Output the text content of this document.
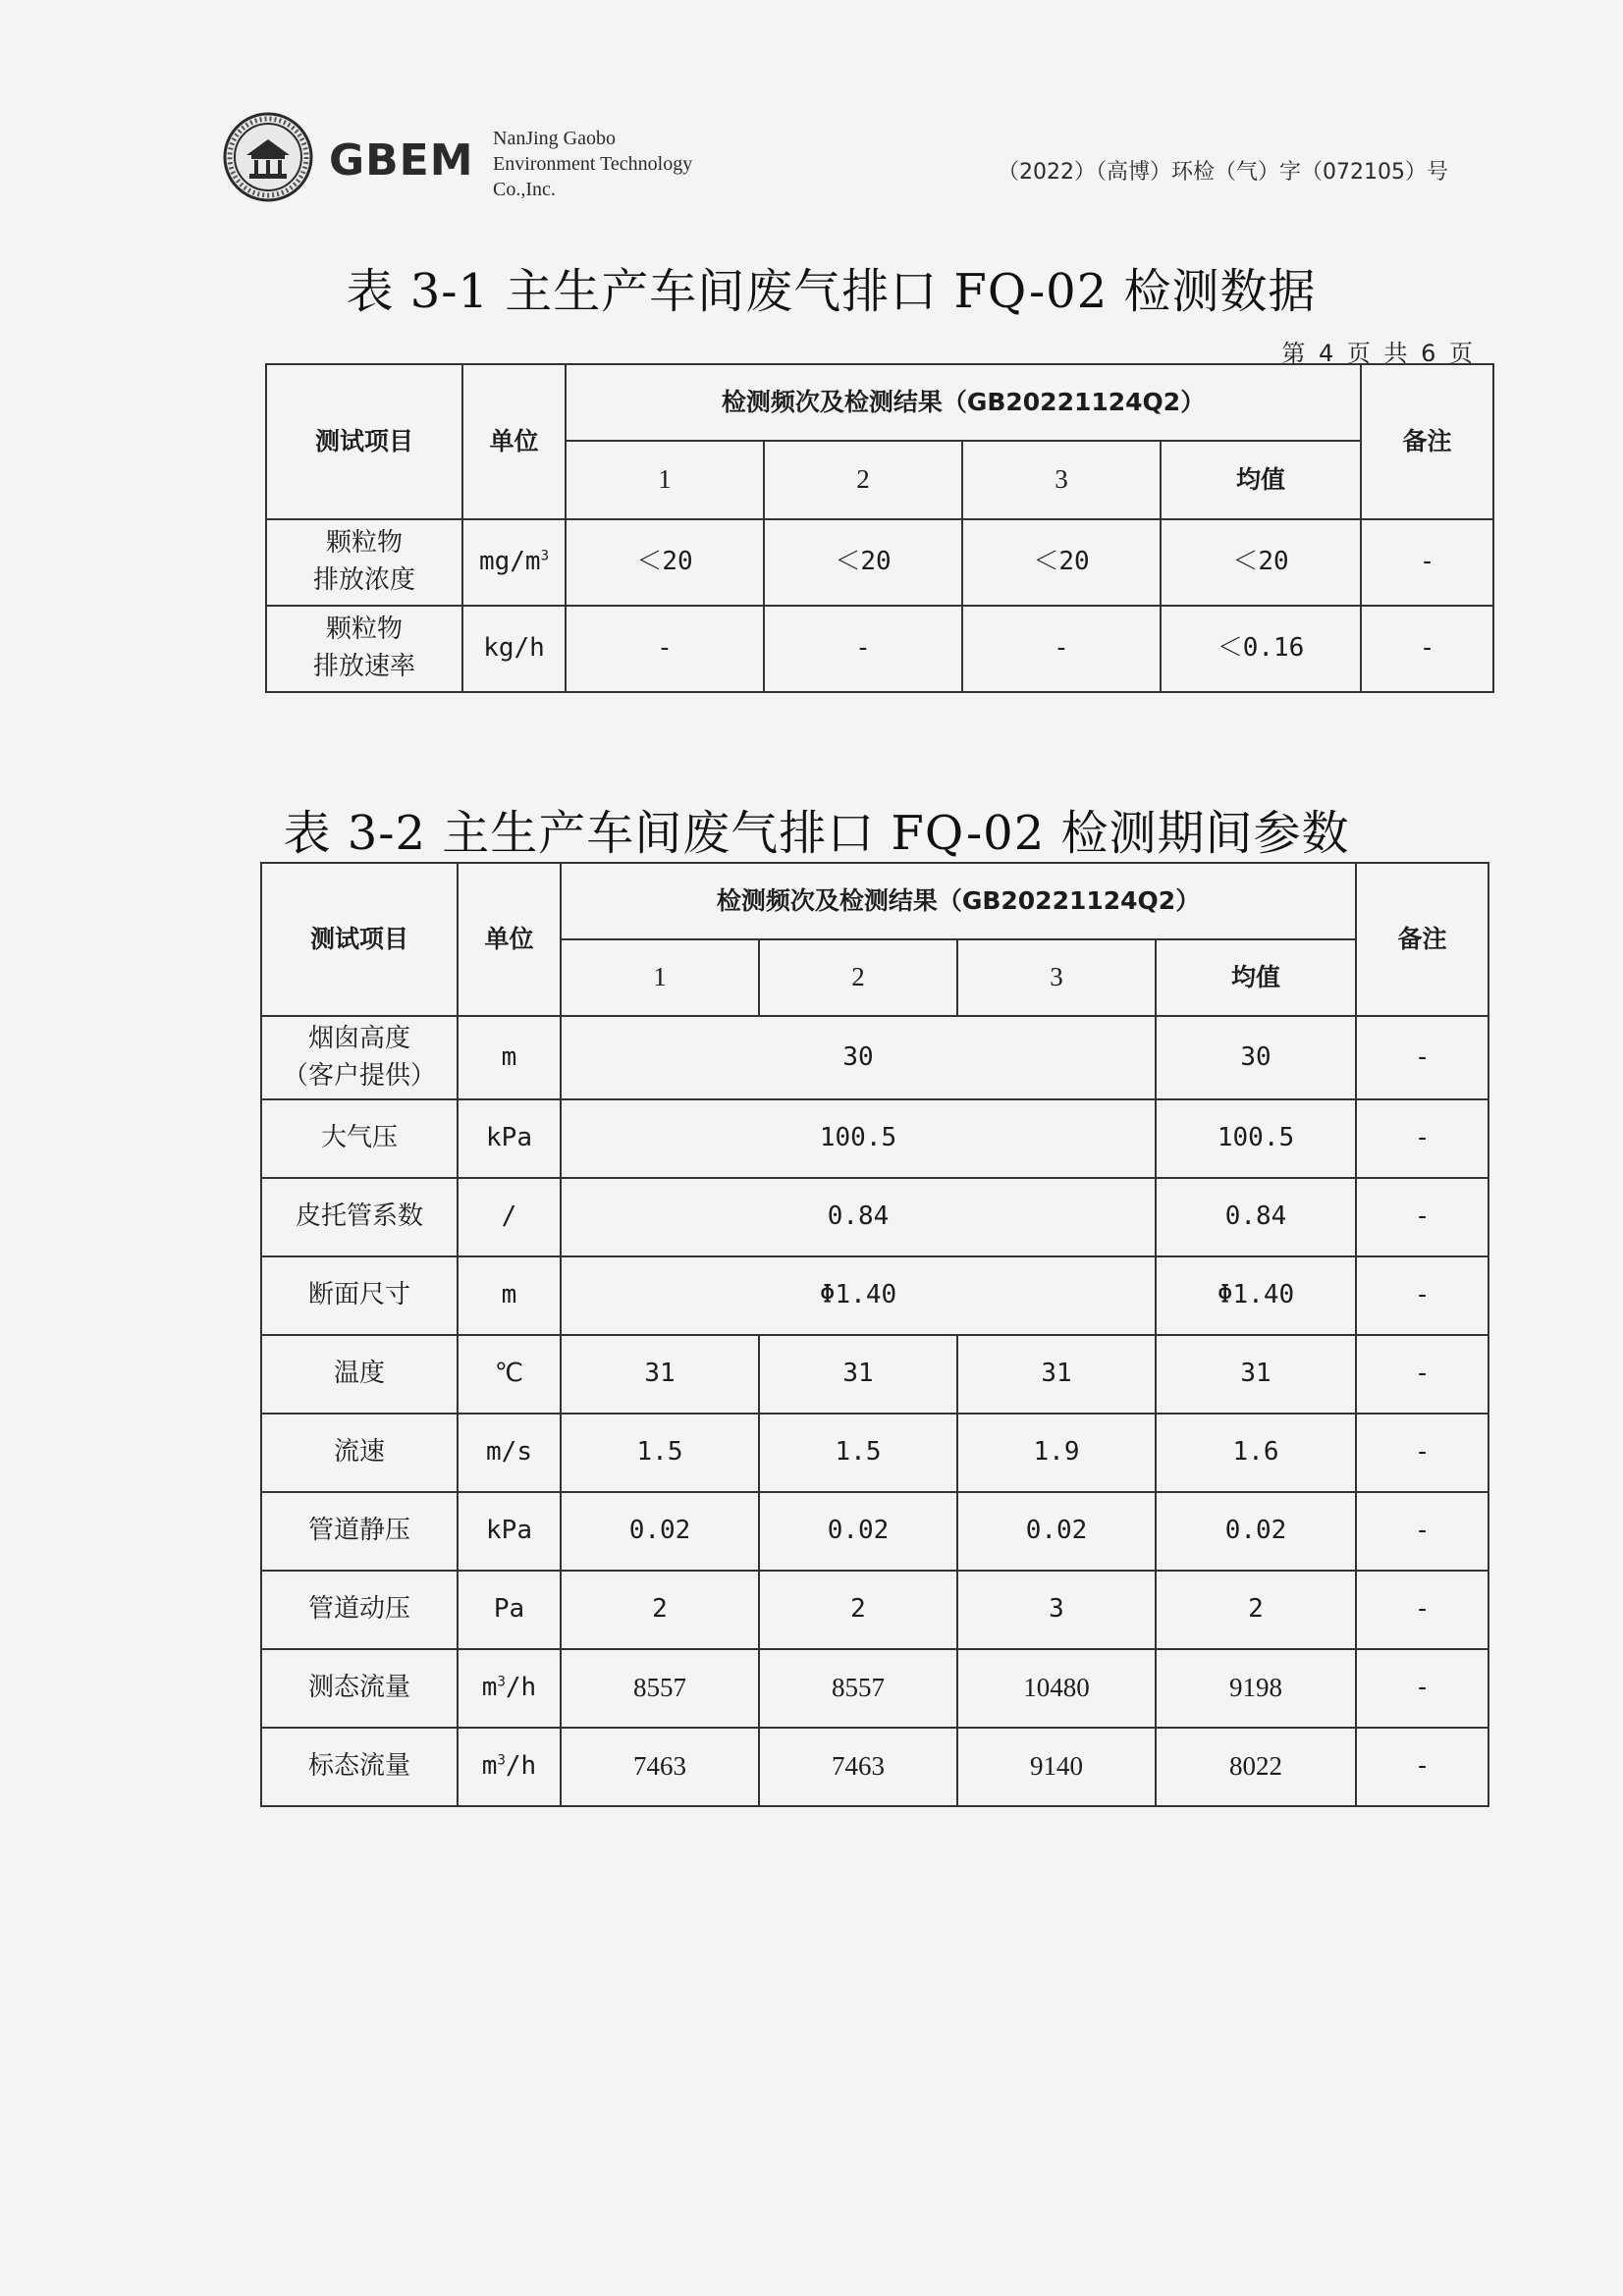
GBEM NanJing Gaobo
Environment Technology
Co.,Inc.
（2022）（高博）环检（气）字（072105）号
表 3-1 主生产车间废气排口 FQ-02 检测数据
第 4 页 共 6 页
测试项目	单位	检测频次及检测结果（GB20221124Q2）				备注
		1	2	3	均值	

颗粒物
排放浓度	$mg/m^3$	＜20	＜20	＜20	＜20	-

颗粒物
排放速率	kg/h	-	-	-	＜0.16	-
表 3-2 主生产车间废气排口 FQ-02 检测期间参数
测试项目	单位	检测频次及检测结果（GB20221124Q2）				备注
		1	2	3	均值	

烟囱高度
（客户提供）	m	30			30	-
大气压	kPa	100.5			100.5	-
皮托管系数	/	0.84			0.84	-
断面尺寸	m	Φ1.40			Φ1.40	-
温度	℃	31	31	31	31	-
流速	m/s	1.5	1.5	1.9	1.6	-
管道静压	kPa	0.02	0.02	0.02	0.02	-
管道动压	Pa	2	2	3	2	-
测态流量	$m^3/h$	8557	8557	10480	9198	-
标态流量	$m^3/h$	7463	7463	9140	8022	-
